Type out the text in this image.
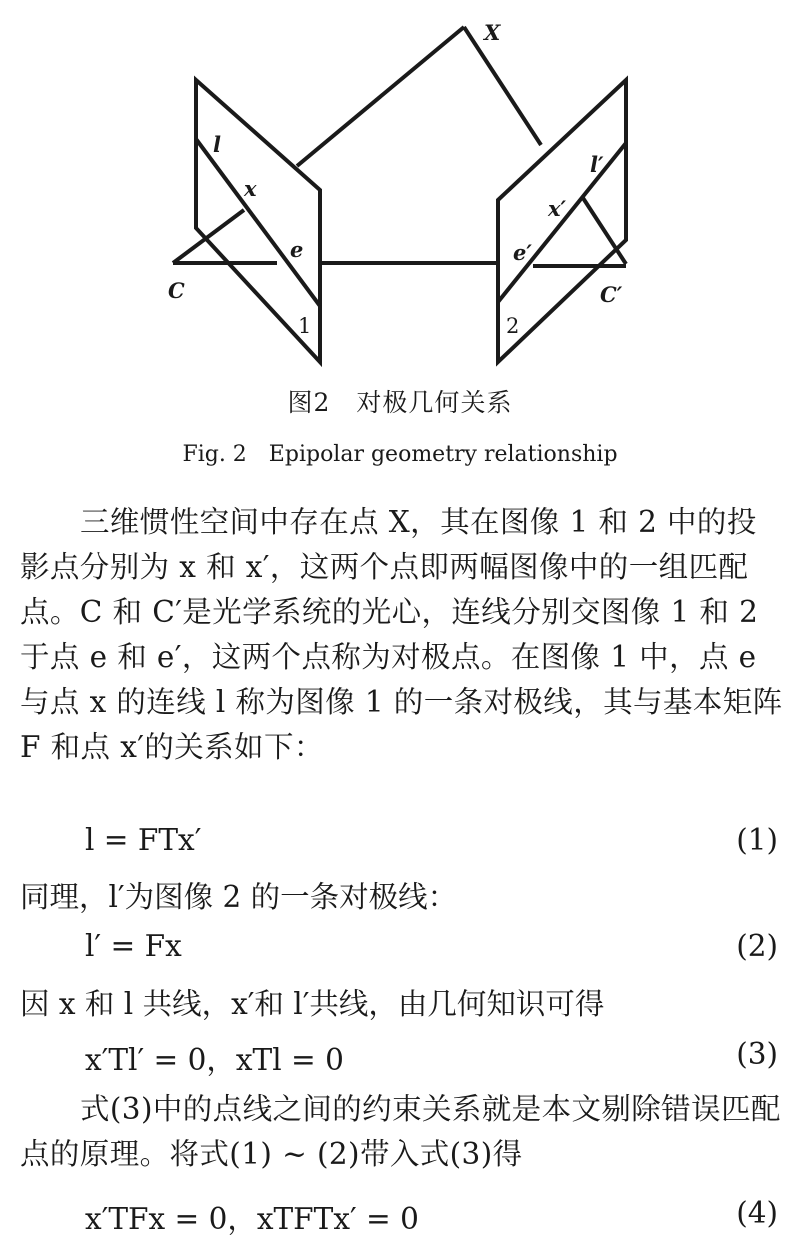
X
l
x
e
C
1
l′
x′
e′
C′
2
图2　对极几何关系
Fig. 2　Epipolar geometry relationship

三维惯性空间中存在点 X，其在图像 1 和 2 中的投影点分别为 x 和 x′，这两个点即两幅图像中的一组匹配点。C 和 C′是光学系统的光心，连线分别交图像 1 和 2 于点 e 和 e′，这两个点称为对极点。在图像 1 中，点 e 与点 x 的连线 l 称为图像 1 的一条对极线，其与基本矩阵 F 和点 x′的关系如下：

l = FTx′	(1)

同理，l′为图像 2 的一条对极线：

l′ = Fx	(2)

因 x 和 l 共线，x′和 l′共线，由几何知识可得

x′Tl′ = 0，xTl = 0	(3)

式(3)中的点线之间的约束关系就是本文剔除错误匹配点的原理。将式(1) ~ (2)带入式(3)得

x′TFx = 0，xTFTx′ = 0	(4)
